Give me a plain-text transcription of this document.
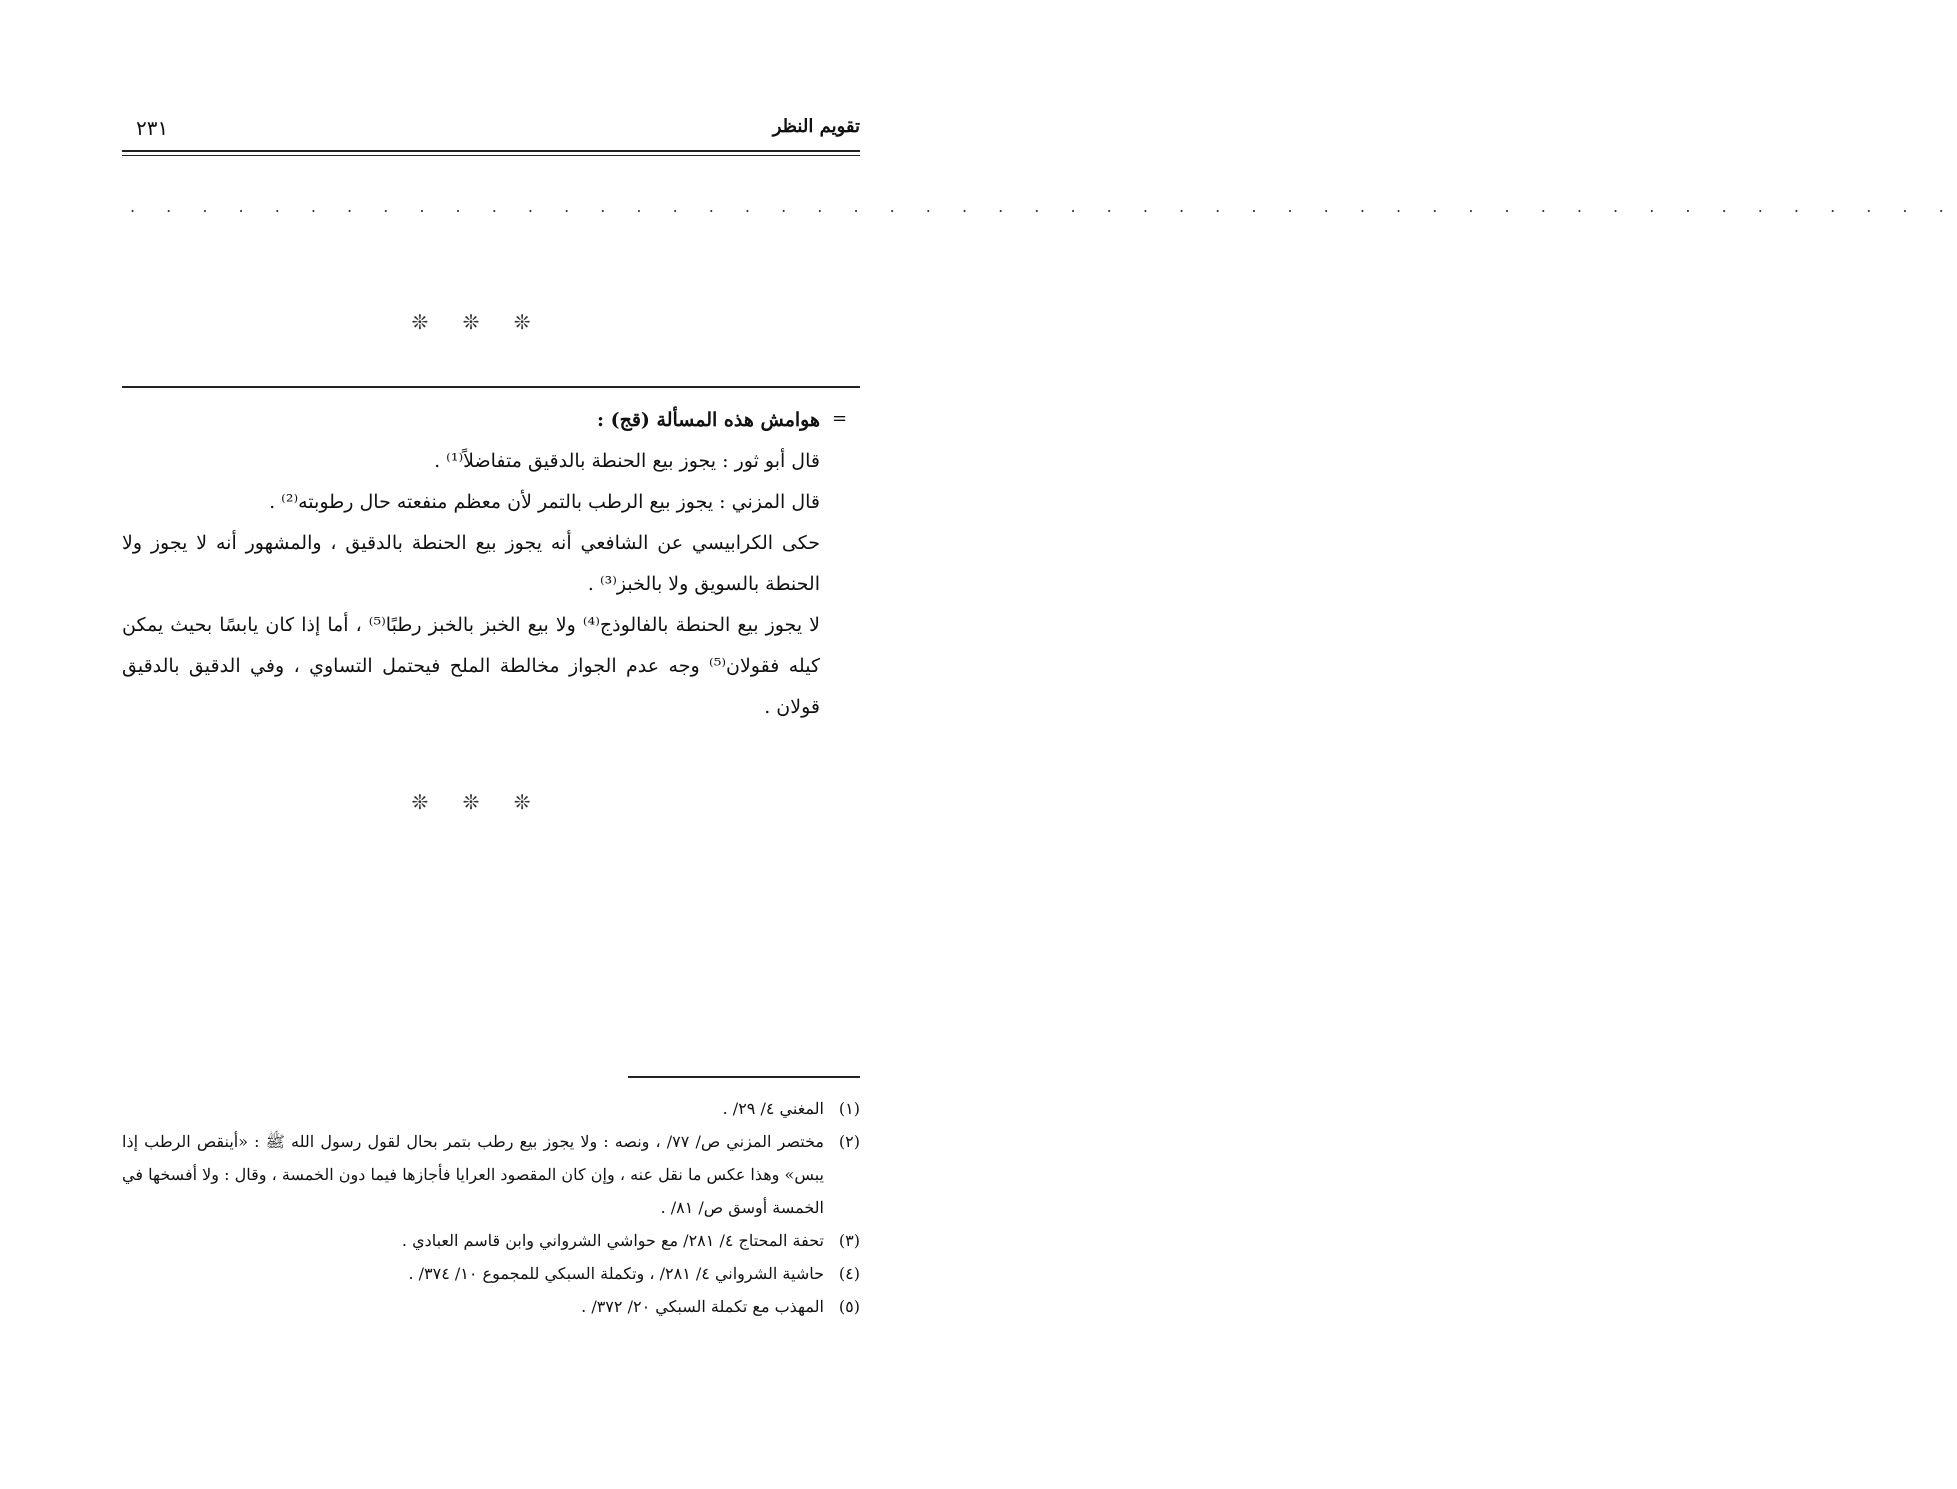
تقويم النظر
٢٣١
. . . . . . . . . . . . . . . . . . . . . . . . . . . . . . . . . . . . . . . . . . . . . . . . . . .
❊ ❊ ❊
=

هوامش هذه المسألة (قج) :

قال أبو ثور : يجوز بيع الحنطة بالدقيق متفاضلاً⁽¹⁾ .

قال المزني : يجوز بيع الرطب بالتمر لأن معظم منفعته حال رطوبته⁽²⁾ .

حكى الكرابيسي عن الشافعي أنه يجوز بيع الحنطة بالدقيق ، والمشهور أنه لا يجوز ولا الحنطة بالسويق ولا بالخبز⁽³⁾ .

لا يجوز بيع الحنطة بالفالوذج⁽⁴⁾ ولا بيع الخبز بالخبز رطبًا⁽⁵⁾ ، أما إذا كان يابسًا بحيث يمكن كيله فقولان⁽⁵⁾ وجه عدم الجواز مخالطة الملح فيحتمل التساوي ، وفي الدقيق بالدقيق قولان .

❊ ❊ ❊
(١)
المغني ٤/ ٢٩/ .
(٢)
مختصر المزني ص/ ٧٧/ ، ونصه : ولا يجوز بيع رطب بتمر بحال لقول رسول الله ﷺ : «أينقص الرطب إذا يبس» وهذا عكس ما نقل عنه ، وإن كان المقصود العرايا فأجازها فيما دون الخمسة ، وقال : ولا أفسخها في الخمسة أوسق ص/ ٨١/ .
(٣)
تحفة المحتاج ٤/ ٢٨١/ مع حواشي الشرواني وابن قاسم العبادي .
(٤)
حاشية الشرواني ٤/ ٢٨١/ ، وتكملة السبكي للمجموع ١٠/ ٣٧٤/ .
(٥)
المهذب مع تكملة السبكي ٢٠/ ٣٧٢/ .
